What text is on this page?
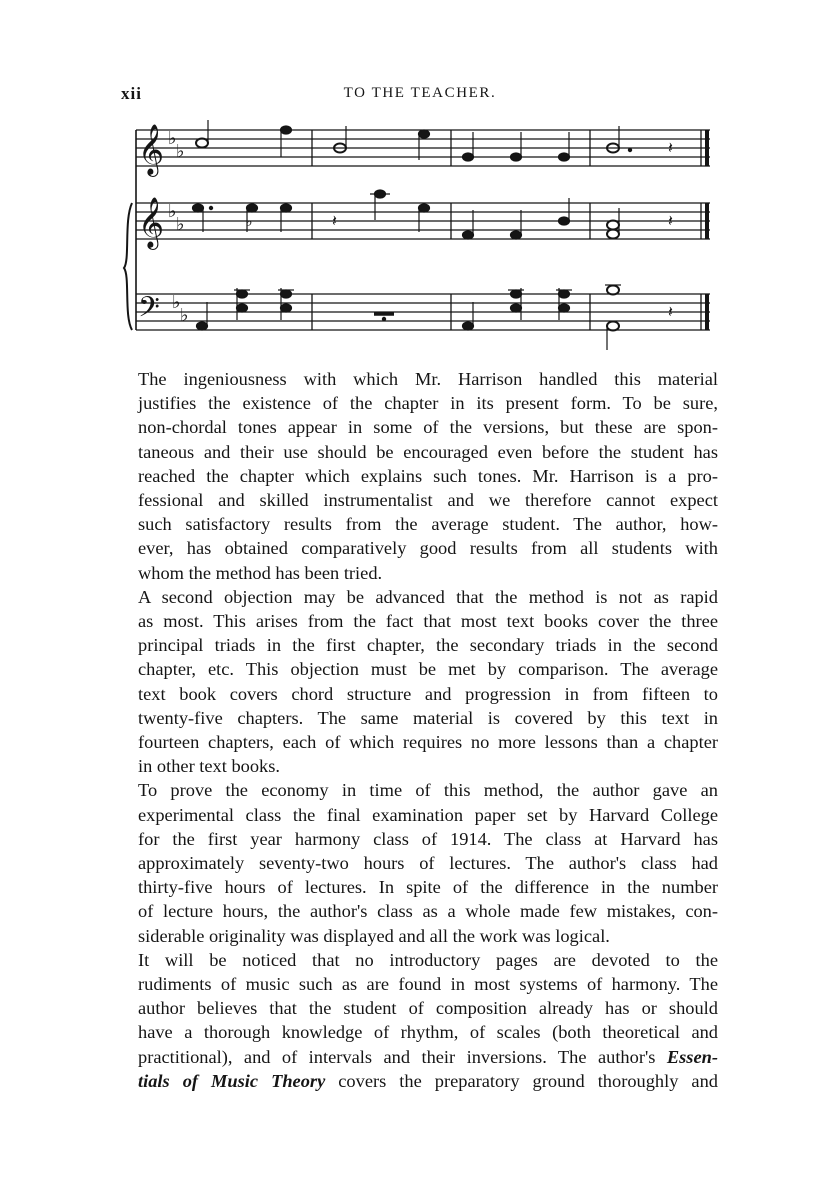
xii	TO THE TEACHER.
𝄞
𝄞
𝄢
♭
♭
♭
♭
♭
♭
𝄽
♭	𝄽	𝄽
𝄽

The ingeniousness with which Mr. Harrison handled this material
justifies the existence of the chapter in its present form. To be sure,
non-chordal tones appear in some of the versions, but these are spon-
taneous and their use should be encouraged even before the student has
reached the chapter which explains such tones. Mr. Harrison is a pro-
fessional and skilled instrumentalist and we therefore cannot expect
such satisfactory results from the average student. The author, how-
ever, has obtained comparatively good results from all students with
whom the method has been tried.

A second objection may be advanced that the method is not as rapid
as most. This arises from the fact that most text books cover the three
principal triads in the first chapter, the secondary triads in the second
chapter, etc. This objection must be met by comparison. The average
text book covers chord structure and progression in from fifteen to
twenty-five chapters. The same material is covered by this text in
fourteen chapters, each of which requires no more lessons than a chapter
in other text books.

To prove the economy in time of this method, the author gave an
experimental class the final examination paper set by Harvard College
for the first year harmony class of 1914. The class at Harvard has
approximately seventy-two hours of lectures. The author's class had
thirty-five hours of lectures. In spite of the difference in the number
of lecture hours, the author's class as a whole made few mistakes, con-
siderable originality was displayed and all the work was logical.

It will be noticed that no introductory pages are devoted to the
rudiments of music such as are found in most systems of harmony. The
author believes that the student of composition already has or should
have a thorough knowledge of rhythm, of scales (both theoretical and
practitional), and of intervals and their inversions. The author's Essen-
tials of Music Theory covers the preparatory ground thoroughly and
